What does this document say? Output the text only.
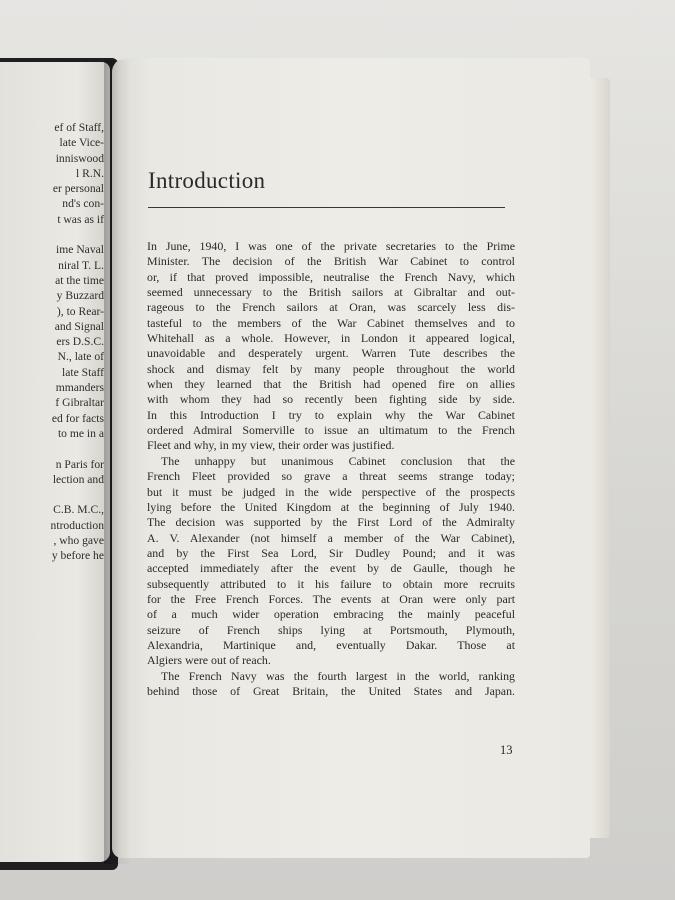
ef of Staff,
late Vice-
inniswood
l R.N.
er personal
nd's con-
t was as if
ime Naval
niral T. L.
at the time
y Buzzard
), to Rear-
and Signal
ers D.S.C.
N., late of
late Staff
mmanders
f Gibraltar
ed for facts
to me in a
n Paris for
lection and
C.B. M.C.,
ntroduction
, who gave
y before he
Introduction
In June, 1940, I was one of the private secretaries to the Prime
Minister. The decision of the British War Cabinet to control
or, if that proved impossible, neutralise the French Navy, which
seemed unnecessary to the British sailors at Gibraltar and out-
rageous to the French sailors at Oran, was scarcely less dis-
tasteful to the members of the War Cabinet themselves and to
Whitehall as a whole. However, in London it appeared logical,
unavoidable and desperately urgent. Warren Tute describes the
shock and dismay felt by many people throughout the world
when they learned that the British had opened fire on allies
with whom they had so recently been fighting side by side.
In this Introduction I try to explain why the War Cabinet
ordered Admiral Somerville to issue an ultimatum to the French
Fleet and why, in my view, their order was justified.
The unhappy but unanimous Cabinet conclusion that the
French Fleet provided so grave a threat seems strange today;
but it must be judged in the wide perspective of the prospects
lying before the United Kingdom at the beginning of July 1940.
The decision was supported by the First Lord of the Admiralty
A. V. Alexander (not himself a member of the War Cabinet),
and by the First Sea Lord, Sir Dudley Pound; and it was
accepted immediately after the event by de Gaulle, though he
subsequently attributed to it his failure to obtain more recruits
for the Free French Forces. The events at Oran were only part
of a much wider operation embracing the mainly peaceful
seizure of French ships lying at Portsmouth, Plymouth,
Alexandria, Martinique and, eventually Dakar. Those at
Algiers were out of reach.
The French Navy was the fourth largest in the world, ranking
behind those of Great Britain, the United States and Japan.
13
